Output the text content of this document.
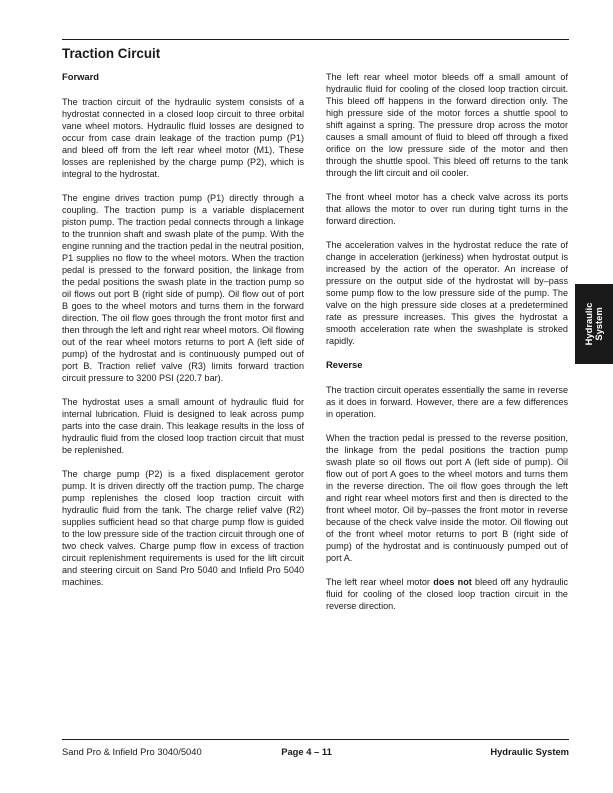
Traction Circuit

Forward

The traction circuit of the hydraulic system consists of a hydrostat connected in a closed loop circuit to three orbital vane wheel motors. Hydraulic fluid losses are designed to occur from case drain leakage of the traction pump (P1) and bleed off from the left rear wheel motor (M1). These losses are replenished by the charge pump (P2), which is integral to the hydrostat.

The engine drives traction pump (P1) directly through a coupling. The traction pump is a variable displacement piston pump. The traction pedal connects through a linkage to the trunnion shaft and swash plate of the pump. With the engine running and the traction pedal in the neutral position, P1 supplies no flow to the wheel motors. When the traction pedal is pressed to the forward position, the linkage from the pedal positions the swash plate in the traction pump so oil flows out port B (right side of pump). Oil flow out of port B goes to the wheel motors and turns them in the forward direction. The oil flow goes through the front motor first and then through the left and right rear wheel motors. Oil flowing out of the rear wheel motors returns to port A (left side of pump) of the hydrostat and is continuously pumped out of port B. Traction relief valve (R3) limits forward traction circuit pressure to 3200 PSI (220.7 bar).

The hydrostat uses a small amount of hydraulic fluid for internal lubrication. Fluid is designed to leak across pump parts into the case drain. This leakage results in the loss of hydraulic fluid from the closed loop traction circuit that must be replenished.

The charge pump (P2) is a fixed displacement gerotor pump. It is driven directly off the traction pump. The charge pump replenishes the closed loop traction circuit with hydraulic fluid from the tank. The charge relief valve (R2) supplies sufficient head so that charge pump flow is guided to the low pressure side of the traction circuit through one of two check valves. Charge pump flow in excess of traction circuit replenishment requirements is used for the lift circuit and steering circuit on Sand Pro 5040 and Infield Pro 5040 machines.

The left rear wheel motor bleeds off a small amount of hydraulic fluid for cooling of the closed loop traction circuit. This bleed off happens in the forward direction only. The high pressure side of the motor forces a shuttle spool to shift against a spring. The pressure drop across the motor causes a small amount of fluid to bleed off through a fixed orifice on the low pressure side of the motor and then through the shuttle spool. This bleed off returns to the tank through the lift circuit and oil cooler.

The front wheel motor has a check valve across its ports that allows the motor to over run during tight turns in the forward direction.

The acceleration valves in the hydrostat reduce the rate of change in acceleration (jerkiness) when hydrostat output is increased by the action of the operator. An increase of pressure on the output side of the hydrostat will by–pass some pump flow to the low pressure side of the pump. The valve on the high pressure side closes at a predetermined rate as pressure increases. This gives the hydrostat a smooth acceleration rate when the swashplate is stroked rapidly.

Reverse

The traction circuit operates essentially the same in reverse as it does in forward. However, there are a few differences in operation.

When the traction pedal is pressed to the reverse position, the linkage from the pedal positions the traction pump swash plate so oil flows out port A (left side of pump). Oil flow out of port A goes to the wheel motors and turns them in the reverse direction. The oil flow goes through the left and right rear wheel motors first and then is directed to the front wheel motor. Oil by–passes the front motor in reverse because of the check valve inside the motor. Oil flowing out of the front wheel motor returns to port B (right side of pump) of the hydrostat and is continuously pumped out of port A.

The left rear wheel motor does not bleed off any hydraulic fluid for cooling of the closed loop traction circuit in the reverse direction.

Hydraulic System
Sand Pro & Infield Pro 3040/5040	Page 4 – 11	Hydraulic System
